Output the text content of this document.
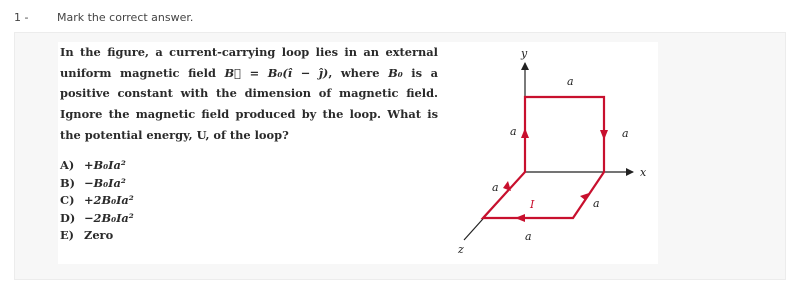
1 -	Mark the correct answer.
In the figure, a current-carrying loop lies in an external uniform magnetic field B⃗ = B₀(î − ĵ), where B₀ is a positive constant with the dimension of magnetic field. Ignore the magnetic field produced by the loop. What is the potential energy, U, of the loop?
A) +B₀Ia²
B) −B₀Ia²
C) +2B₀Ia²
D) −2B₀Ia²
E) Zero
y
x
z
a
a
a
a
a
I
a
